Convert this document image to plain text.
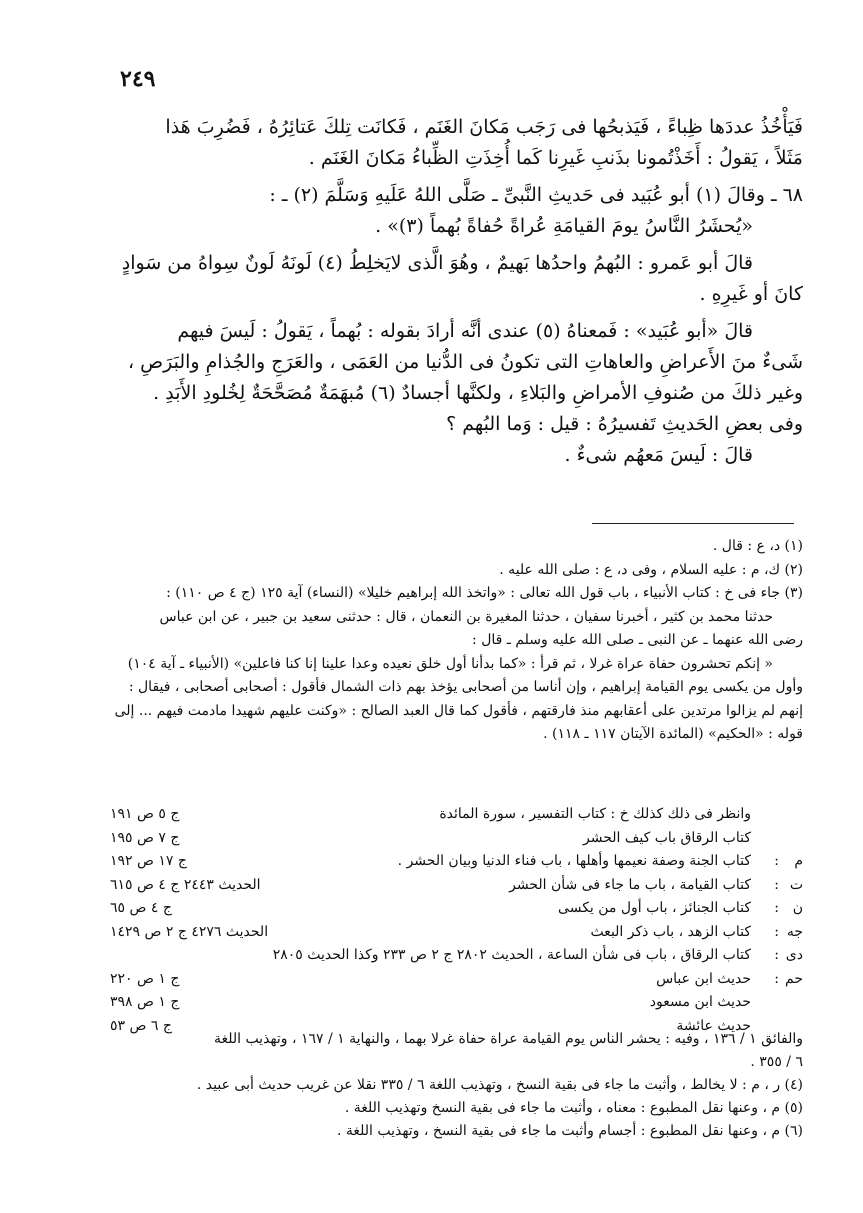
٢٤٩

فَيَأْخُذُ عددَها ظِباءً ، فَيَذبحُها فى رَجَب مَكانَ الغَنَم ، فَكانَت تِلكَ عَتائِرُهُ ، فَضُرِبَ هَذا

مَثَلاً ، يَقولُ : أَخَذْتُمونا بذَنبِ غَيرِنا كَما أُخِذَتِ الظِّباءُ مَكانَ الغَنَم .

٦٨ ـ وقالَ (١) أبو عُبَيد فى حَديثِ النَّبىِّ ـ صَلَّى اللهُ عَلَيهِ وَسَلَّمَ (٢) ـ :

«يُحشَرُ النَّاسُ يومَ القيامَةِ عُراةً حُفاةً بُهماً (٣)» .

قالَ أبو عَمرو : البُهمُ واحدُها بَهيمٌ ، وهُوَ الَّذى لايَخلِطُ (٤) لَونَهُ لَونٌ سِواهُ من سَوادٍ

كانَ أو غَيرِهِ .

قالَ «أبو عُبَيد» : فَمعناهُ (٥) عندى أنَّه أرادَ بقوله : بُهماً ، يَقولُ : لَيسَ فيهم

شَىءٌ منَ الأَعراضِ والعاهاتِ التى تكونُ فى الدُّنيا من العَمَى ، والعَرَجِ والجُذامِ والبَرَصِ ،

وغير ذلكَ من صُنوفِ الأمراضِ والبَلاءِ ، ولكنَّها أجسادٌ (٦) مُبهَمَةٌ مُصَحَّحَةٌ لِخُلودِ الأَبَدِ .

وفى بعضِ الحَديثِ تَفسيرُهُ : قيل : وَما البُهم ؟

قالَ : لَيسَ مَعهُم شىءٌ .

(١) د، ع : قال .

(٢) ك، م : عليه السلام ، وفى د، ع : صلى الله عليه .

(٣) جاء فى خ : كتاب الأنبياء ، باب قول الله تعالى : «واتخذ الله إبراهيم خليلا» (النساء) آية ١٢٥ (ج ٤ ص ١١٠) :

حدثنا محمد بن كثير ، أخبرنا سفيان ، حدثنا المغيرة بن النعمان ، قال : حدثنى سعيد بن جبير ، عن ابن عباس

رضى الله عنهما ـ عن النبى ـ صلى الله عليه وسلم ـ قال :

« إنكم تحشرون حفاة عراة غرلا ، ثم قرأ : «كما بدأنا أول خلق نعيده وعدا علينا إنا كنا فاعلين» (الأنبياء ـ آية ١٠٤)

وأول من يكسى يوم القيامة إبراهيم ، وإن أناسا من أصحابى يؤخذ بهم ذات الشمال فأقول : أصحابى أصحابى ، فيقال :

إنهم لم يزالوا مرتدين على أعقابهم منذ فارقتهم ، فأقول كما قال العبد الصالح : «وكنت عليهم شهيدا مادمت فيهم ... إلى

قوله : «الحكيم» (المائدة الآيتان ١١٧ ـ ١١٨) .

وانظر فى ذلك كذلك خ : كتاب التفسير ، سورة المائدة
ج ٥ ص ١٩١
كتاب الرقاق باب كيف الحشر
ج ٧ ص ١٩٥
م
:
كتاب الجنة وصفة نعيمها وأهلها ، باب فناء الدنيا وبيان الحشر .
ج ١٧ ص ١٩٢
ت
:
كتاب القيامة ، باب ما جاء فى شأن الحشر
الحديث ٢٤٤٣ ج ٤ ص ٦١٥
ن
:
كتاب الجنائز ، باب أول من يكسى
ج ٤ ص ٦٥
جه
:
كتاب الزهد ، باب ذكر البعث
الحديث ٤٢٧٦ ج ٢ ص ١٤٢٩
دى
:
كتاب الرقاق ، باب فى شأن الساعة ، الحديث ٢٨٠٢ ج ٢ ص ٢٣٣ وكذا الحديث ٢٨٠٥
حم
:
حديث ابن عباس
ج ١ ص ٢٢٠
حديث ابن مسعود
ج ١ ص ٣٩٨
حديث عائشة
ج ٦ ص ٥٣

والفائق ١ / ١٣٦ ، وفيه : يحشر الناس يوم القيامة عراة حفاة غرلا بهما ، والنهاية ١ / ١٦٧ ، وتهذيب اللغة

٦ / ٣٥٥ .

(٤) ر ، م : لا يخالط ، وأثبت ما جاء فى بقية النسخ ، وتهذيب اللغة ٦ / ٣٣٥ نقلا عن غريب حديث أبى عبيد .

(٥) م ، وعنها نقل المطبوع : معناه ، وأثبت ما جاء فى بقية النسخ وتهذيب اللغة .

(٦) م ، وعنها نقل المطبوع : أجسام وأثبت ما جاء فى بقية النسخ ، وتهذيب اللغة .
